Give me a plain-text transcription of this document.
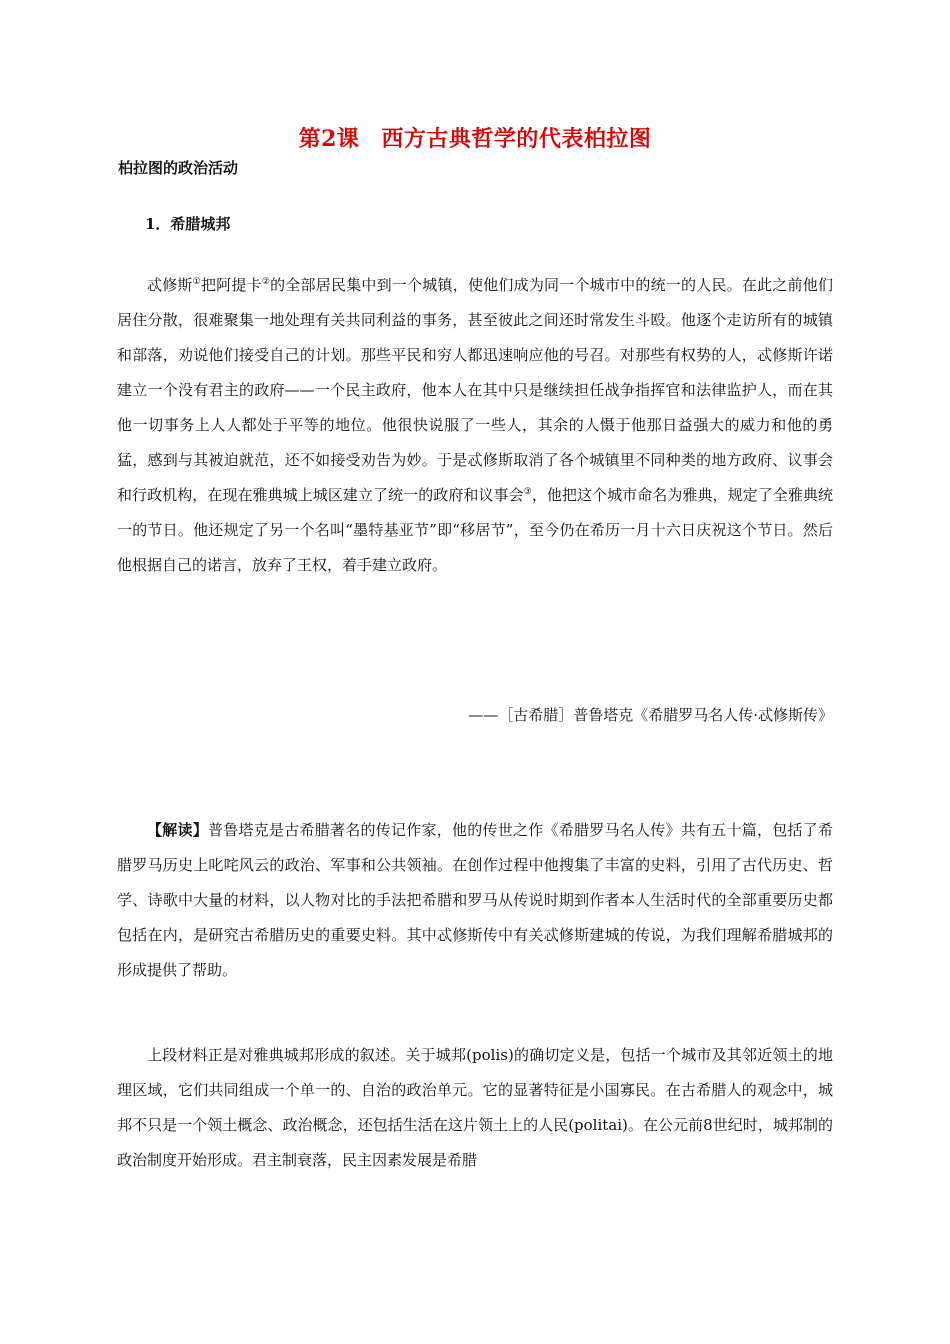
第2课 西方古典哲学的代表柏拉图
柏拉图的政治活动
1．希腊城邦

忒修斯①把阿提卡②的全部居民集中到一个城镇，使他们成为同一个城市中的统一的人民。在此之前他们居住分散，很难聚集一地处理有关共同利益的事务，甚至彼此之间还时常发生斗殴。他逐个走访所有的城镇和部落，劝说他们接受自己的计划。那些平民和穷人都迅速响应他的号召。对那些有权势的人，忒修斯许诺建立一个没有君主的政府——一个民主政府，他本人在其中只是继续担任战争指挥官和法律监护人，而在其他一切事务上人人都处于平等的地位。他很快说服了一些人，其余的人慑于他那日益强大的威力和他的勇猛，感到与其被迫就范，还不如接受劝告为妙。于是忒修斯取消了各个城镇里不同种类的地方政府、议事会和行政机构，在现在雅典城上城区建立了统一的政府和议事会③，他把这个城市命名为雅典，规定了全雅典统一的节日。他还规定了另一个名叫“墨特基亚节”即“移居节”，至今仍在希历一月十六日庆祝这个节日。然后他根据自己的诺言，放弃了王权，着手建立政府。

——［古希腊］普鲁塔克《希腊罗马名人传·忒修斯传》

【解读】普鲁塔克是古希腊著名的传记作家，他的传世之作《希腊罗马名人传》共有五十篇，包括了希腊罗马历史上叱咤风云的政治、军事和公共领袖。在创作过程中他搜集了丰富的史料，引用了古代历史、哲学、诗歌中大量的材料，以人物对比的手法把希腊和罗马从传说时期到作者本人生活时代的全部重要历史都包括在内，是研究古希腊历史的重要史料。其中忒修斯传中有关忒修斯建城的传说，为我们理解希腊城邦的形成提供了帮助。

上段材料正是对雅典城邦形成的叙述。关于城邦(polis)的确切定义是，包括一个城市及其邻近领土的地理区域，它们共同组成一个单一的、自治的政治单元。它的显著特征是小国寡民。在古希腊人的观念中，城邦不只是一个领土概念、政治概念，还包括生活在这片领土上的人民(politai)。在公元前8世纪时，城邦制的政治制度开始形成。君主制衰落，民主因素发展是希腊
